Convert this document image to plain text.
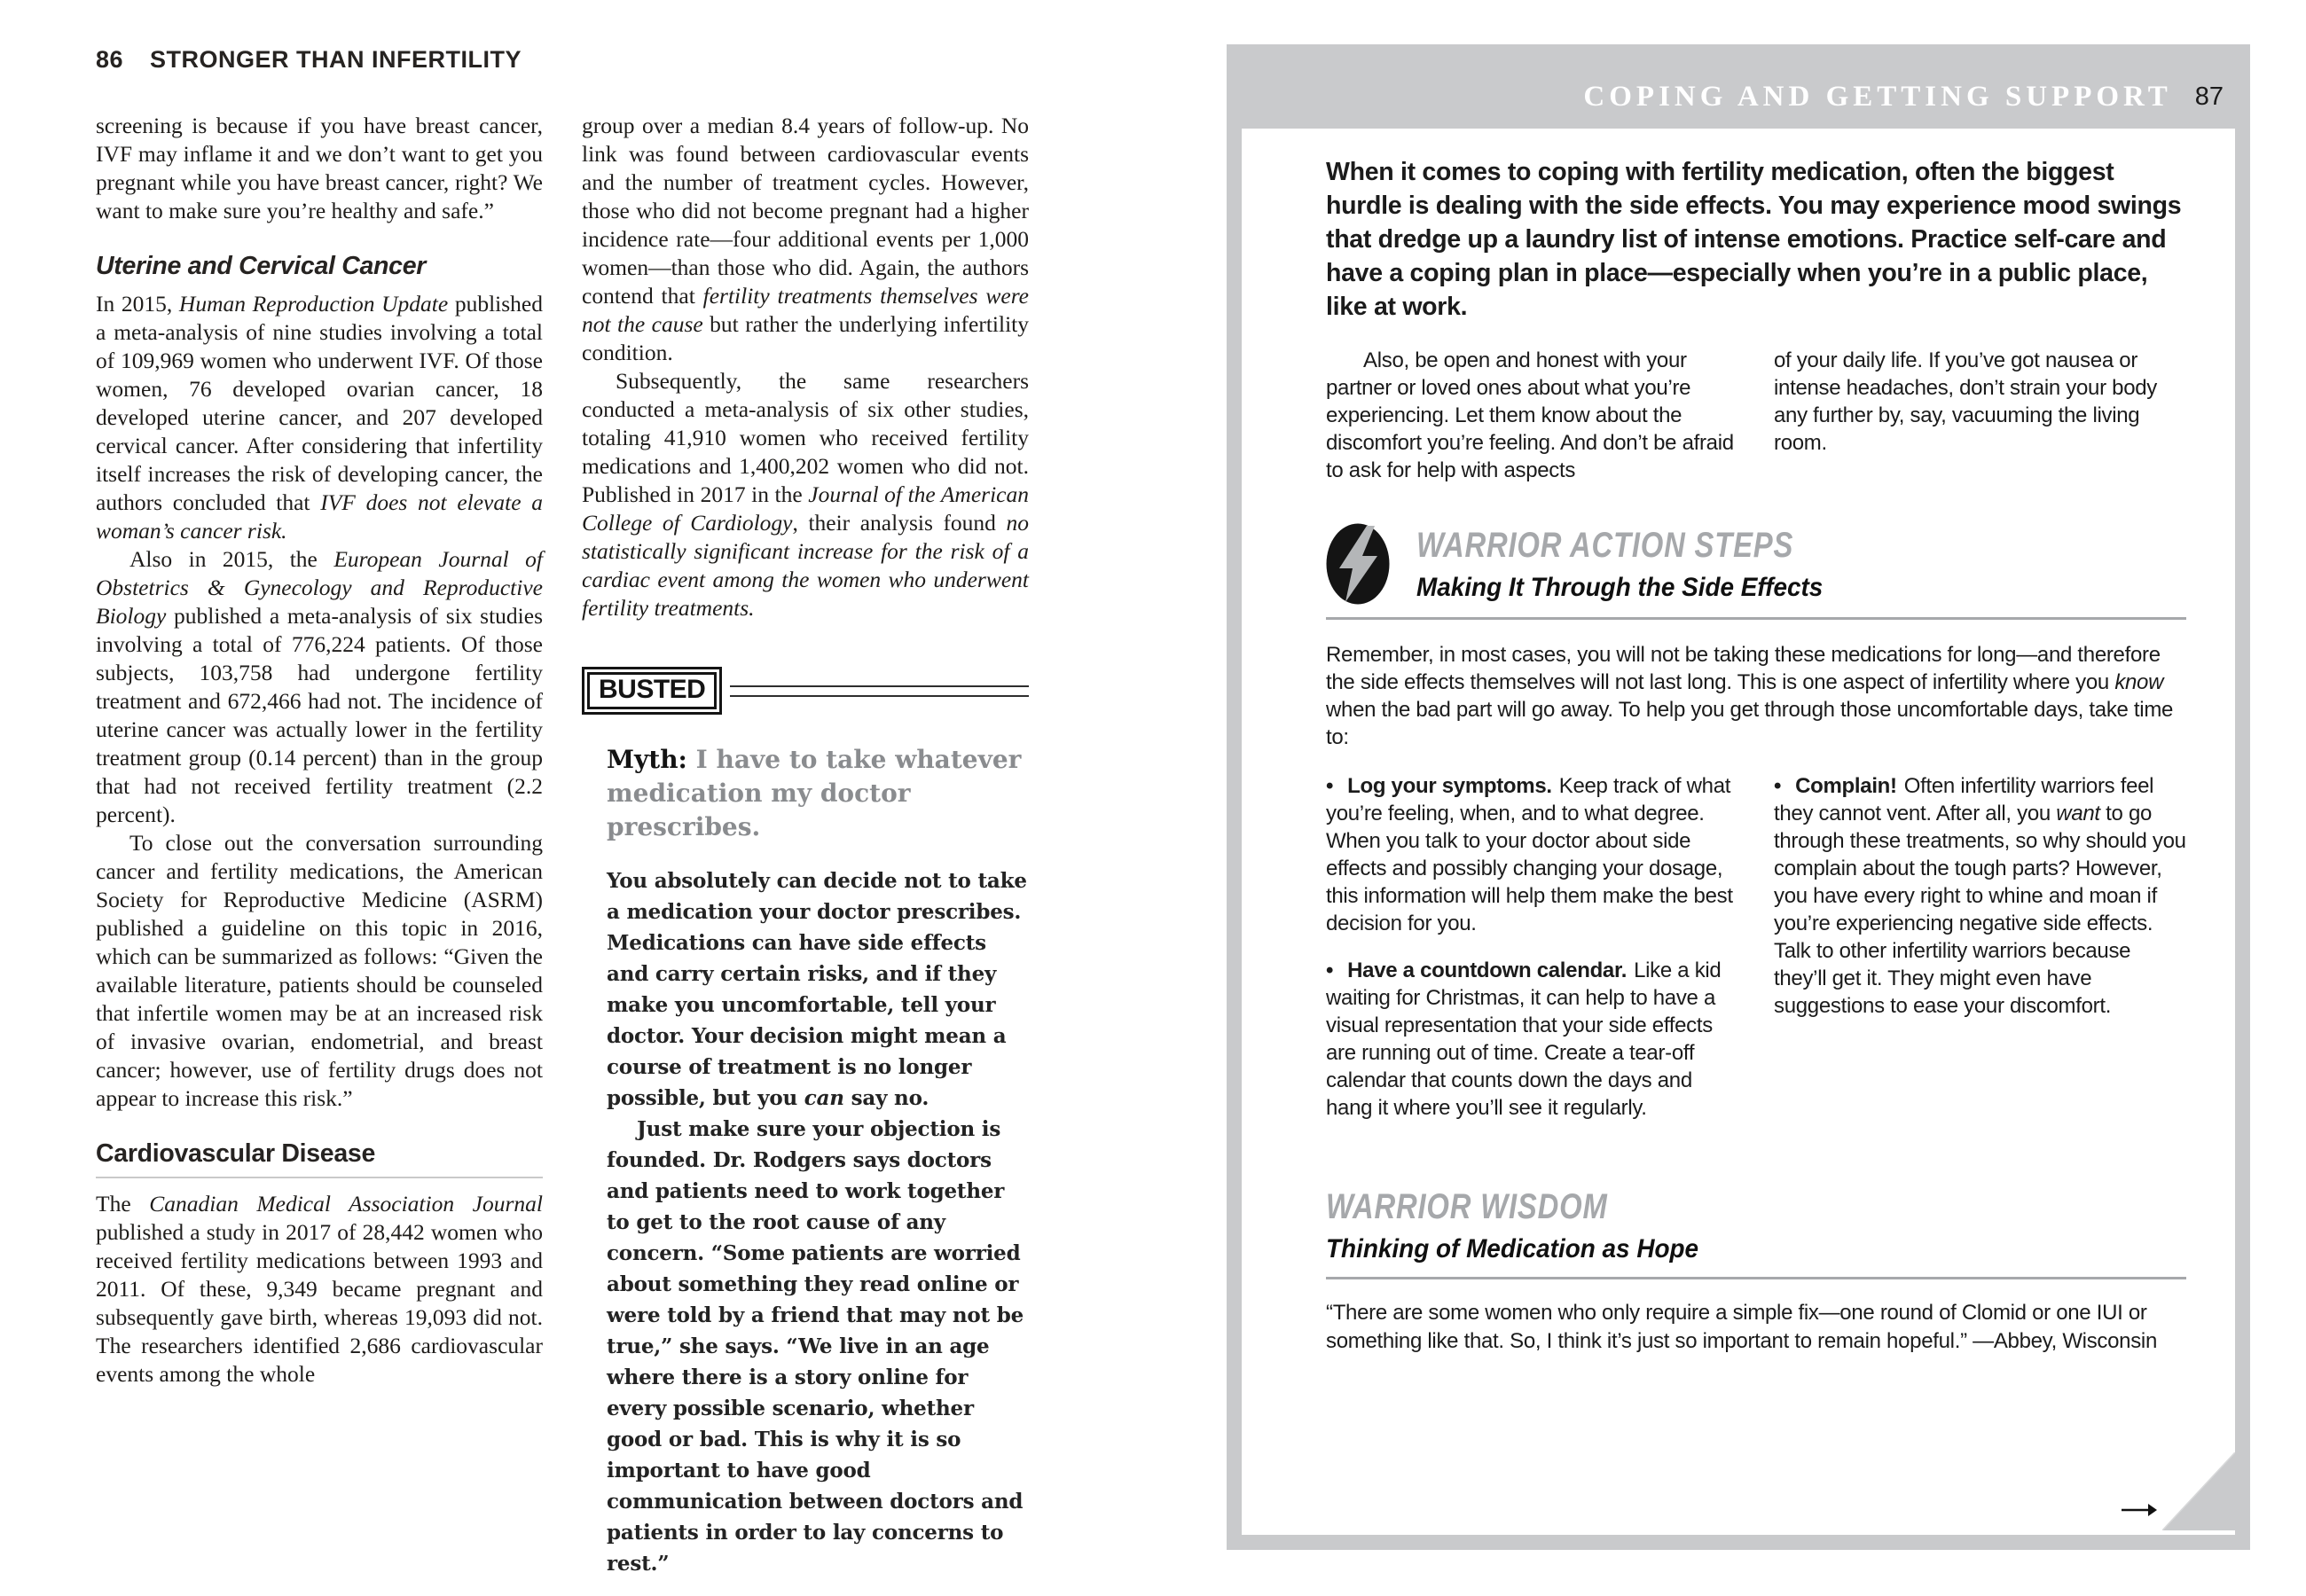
86 STRONGER THAN INFERTILITY

screening is because if you have breast cancer, IVF may inflame it and we don’t want to get you pregnant while you have breast cancer, right? We want to make sure you’re healthy and safe.”

Uterine and Cervical Cancer

In 2015, Human Reproduction Update published a meta-analysis of nine studies involving a total of 109,969 women who underwent IVF. Of those women, 76 developed ovarian cancer, 18 developed uterine cancer, and 207 developed cervical cancer. After considering that infertility itself increases the risk of developing cancer, the authors concluded that IVF does not elevate a woman’s cancer risk.

Also in 2015, the European Journal of Obstetrics & Gynecology and Reproductive Biology published a meta-analysis of six studies involving a total of 776,224 patients. Of those subjects, 103,758 had undergone fertility treatment and 672,466 had not. The incidence of uterine cancer was actually lower in the fertility treatment group (0.14 percent) than in the group that had not received fertility treatment (2.2 percent).

To close out the conversation surrounding cancer and fertility medications, the American Society for Reproductive Medicine (ASRM) published a guideline on this topic in 2016, which can be summarized as follows: “Given the available literature, patients should be counseled that infertile women may be at an increased risk of invasive ovarian, endometrial, and breast cancer; however, use of fertility drugs does not appear to increase this risk.”

Cardiovascular Disease

The Canadian Medical Association Journal published a study in 2017 of 28,442 women who received fertility medications between 1993 and 2011. Of these, 9,349 became pregnant and subsequently gave birth, whereas 19,093 did not. The researchers identified 2,686 cardiovascular events among the whole

group over a median 8.4 years of follow-up. No link was found between cardiovascular events and the number of treatment cycles. However, those who did not become pregnant had a higher incidence rate—four additional events per 1,000 women—than those who did. Again, the authors contend that fertility treatments themselves were not the cause but rather the underlying infertility condition.

Subsequently, the same researchers conducted a meta-analysis of six other studies, totaling 41,910 women who received fertility medications and 1,400,202 women who did not. Published in 2017 in the Journal of the American College of Cardiology, their analysis found no statistically significant increase for the risk of a cardiac event among the women who underwent fertility treatments.

BUSTED
Myth: I have to take whatever medication my doctor prescribes.

You absolutely can decide not to take a medication your doctor prescribes. Medications can have side effects and carry certain risks, and if they make you uncomfortable, tell your doctor. Your decision might mean a course of treatment is no longer possible, but you can say no.

Just make sure your objection is founded. Dr. Rodgers says doctors and patients need to work together to get to the root cause of any concern. “Some patients are worried about something they read online or were told by a friend that may not be true,” she says. “We live in an age where there is a story online for every possible scenario, whether good or bad. This is why it is so important to have good communication between doctors and patients in order to lay concerns to rest.”

COPING AND GETTING SUPPORT 87

When it comes to coping with fertility medication, often the biggest hurdle is dealing with the side effects. You may experience mood swings that dredge up a laundry list of intense emotions. Practice self-care and have a coping plan in place—especially when you’re in a public place, like at work.

Also, be open and honest with your partner or loved ones about what you’re experiencing. Let them know about the discomfort you’re feeling. And don’t be afraid to ask for help with aspects
of your daily life. If you’ve got nausea or intense headaches, don’t strain your body any further by, say, vacuuming the living room.
WARRIOR ACTION STEPS
Making It Through the Side Effects

Remember, in most cases, you will not be taking these medications for long—and therefore the side effects themselves will not last long. This is one aspect of infertility where you know when the bad part will go away. To help you get through those uncomfortable days, take time to:

• Log your symptoms. Keep track of what you’re feeling, when, and to what degree. When you talk to your doctor about side effects and possibly changing your dosage, this information will help them make the best decision for you.

• Have a countdown calendar. Like a kid waiting for Christmas, it can help to have a visual representation that your side effects are running out of time. Create a tear-off calendar that counts down the days and hang it where you’ll see it regularly.

• Complain! Often infertility warriors feel they cannot vent. After all, you want to go through these treatments, so why should you complain about the tough parts? However, you have every right to whine and moan if you’re experiencing negative side effects. Talk to other infertility warriors because they’ll get it. They might even have suggestions to ease your discomfort.

WARRIOR WISDOM
Thinking of Medication as Hope

“There are some women who only require a simple fix—one round of Clomid or one IUI or something like that. So, I think it’s just so important to remain hopeful.” —Abbey, Wisconsin
